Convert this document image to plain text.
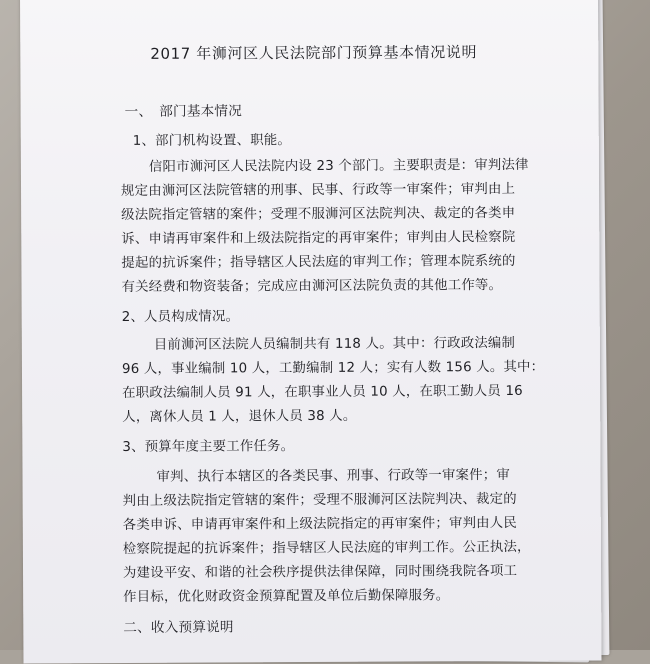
2017 年浉河区人民法院部门预算基本情况说明
一、　部门基本情况
1、部门机构设置、职能。
信阳市浉河区人民法院内设 23 个部门。主要职责是：审判法律
规定由浉河区法院管辖的刑事、民事、行政等一审案件；审判由上
级法院指定管辖的案件；受理不服浉河区法院判决、裁定的各类申
诉、申请再审案件和上级法院指定的再审案件；审判由人民检察院
提起的抗诉案件；指导辖区人民法庭的审判工作；管理本院系统的
有关经费和物资装备；完成应由浉河区法院负责的其他工作等。
2、人员构成情况。
目前浉河区法院人员编制共有 118 人。其中：行政政法编制
96 人，事业编制 10 人，工勤编制 12 人；实有人数 156 人。其中：
在职政法编制人员 91 人，在职事业人员 10 人，在职工勤人员 16
人，离休人员 1 人，退休人员 38 人。
3、预算年度主要工作任务。
审判、执行本辖区的各类民事、刑事、行政等一审案件；审
判由上级法院指定管辖的案件；受理不服浉河区法院判决、裁定的
各类申诉、申请再审案件和上级法院指定的再审案件；审判由人民
检察院提起的抗诉案件；指导辖区人民法庭的审判工作。公正执法，
为建设平安、和谐的社会秩序提供法律保障，同时围绕我院各项工
作目标，优化财政资金预算配置及单位后勤保障服务。
二、收入预算说明
